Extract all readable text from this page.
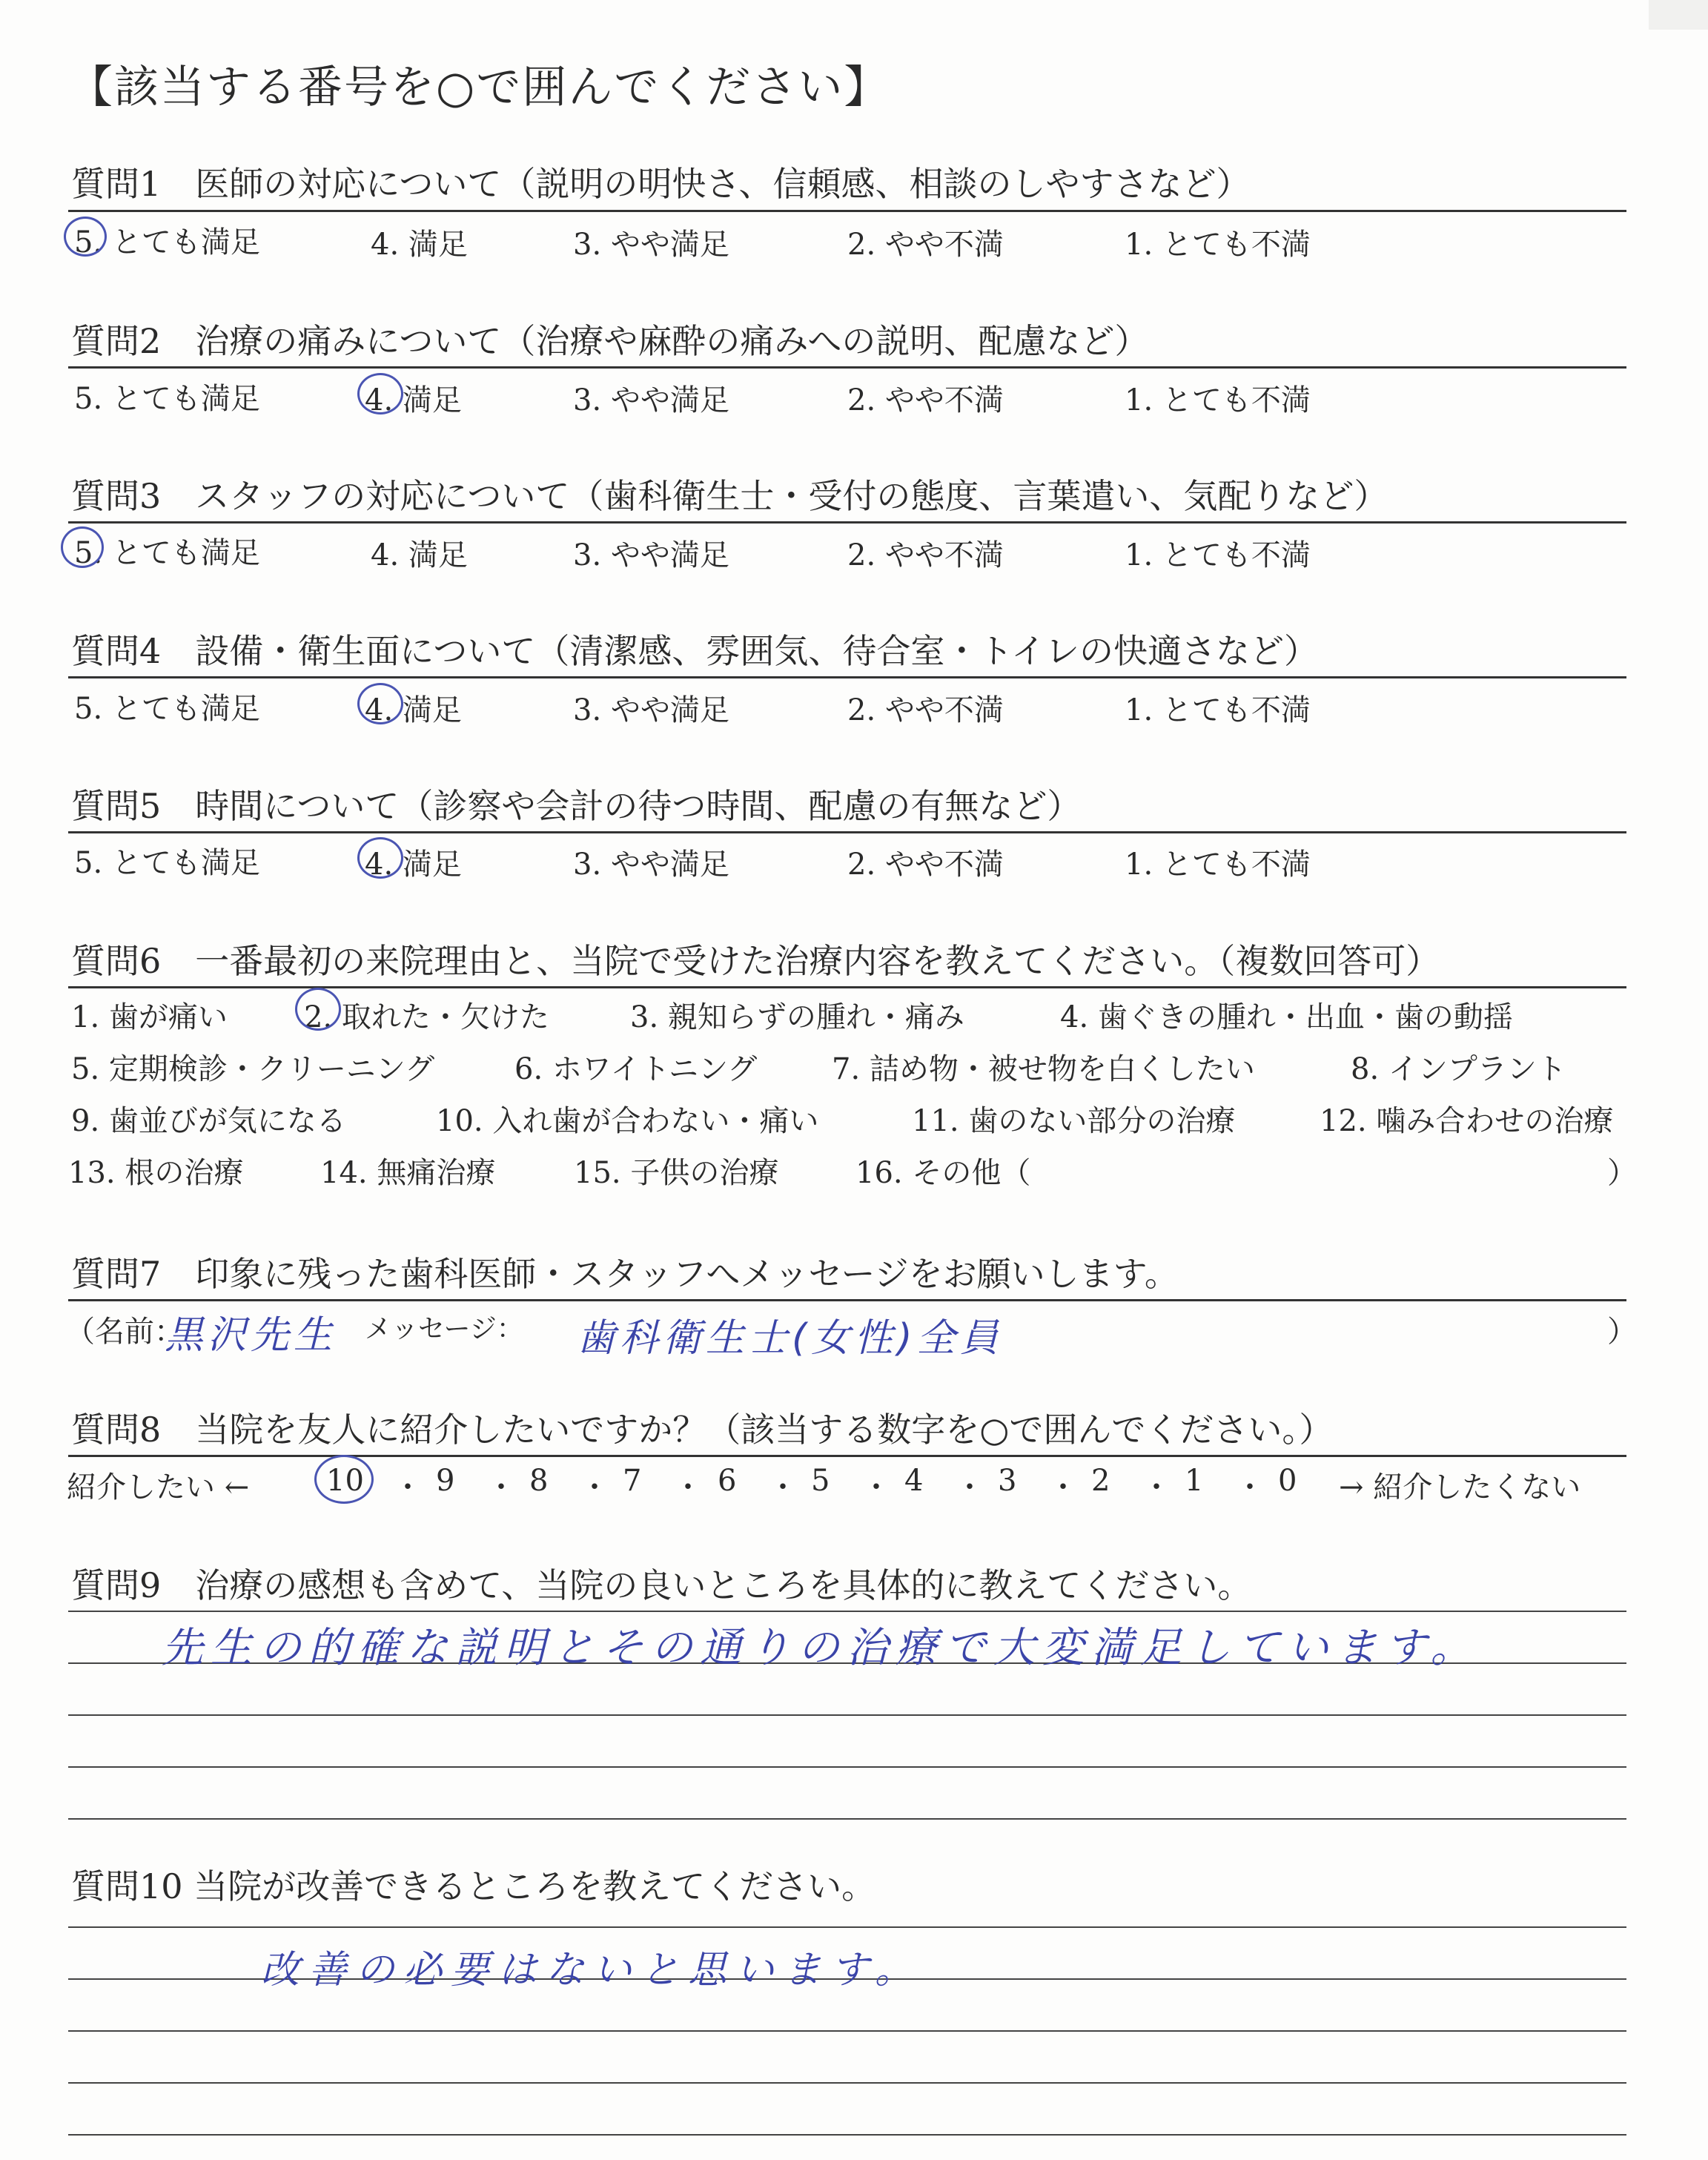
【該当する番号を○で囲んでください】
質問1　医師の対応について（説明の明快さ、信頼感、相談のしやすさなど）
5. とても満足	4. 満足	3. やや満足	2. やや不満	1. とても不満
質問2　治療の痛みについて（治療や麻酔の痛みへの説明、配慮など）
5. とても満足	4. 満足	3. やや満足	2. やや不満	1. とても不満
質問3　スタッフの対応について（歯科衛生士・受付の態度、言葉遣い、気配りなど）
5. とても満足	4. 満足	3. やや満足	2. やや不満	1. とても不満
質問4　設備・衛生面について（清潔感、雰囲気、待合室・トイレの快適さなど）
5. とても満足	4. 満足	3. やや満足	2. やや不満	1. とても不満
質問5　時間について（診察や会計の待つ時間、配慮の有無など）
5. とても満足	4. 満足	3. やや満足	2. やや不満	1. とても不満
質問6　一番最初の来院理由と、当院で受けた治療内容を教えてください。（複数回答可）
1. 歯が痛い	2. 取れた・欠けた	3. 親知らずの腫れ・痛み	4. 歯ぐきの腫れ・出血・歯の動揺
5. 定期検診・クリーニング	6. ホワイトニング	7. 詰め物・被せ物を白くしたい	8. インプラント
9. 歯並びが気になる	10. 入れ歯が合わない・痛い	11. 歯のない部分の治療	12. 噛み合わせの治療
13. 根の治療	14. 無痛治療	15. 子供の治療	16. その他（	）
質問7　印象に残った歯科医師・スタッフへメッセージをお願いします。
（名前：
黒沢先生 メッセージ： 歯科衛生士(女性)全員	）
質問8　当院を友人に紹介したいですか？（該当する数字を○で囲んでください。）
紹介したい ←	10 ・ 9 ・ 8 ・ 7 ・ 6 ・ 5 ・ 4 ・ 3 ・ 2 ・ 1 ・ 0 → 紹介したくない
質問9　治療の感想も含めて、当院の良いところを具体的に教えてください。
先生の的確な説明とその通りの治療で大変満足しています。
質問10 当院が改善できるところを教えてください。
改善の必要はないと思います。
